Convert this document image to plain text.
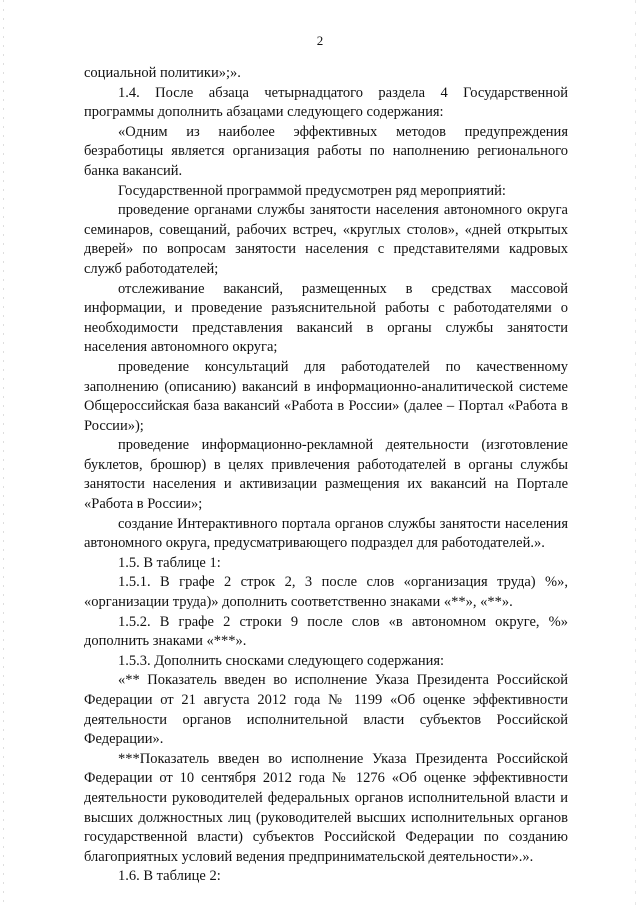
2

социальной политики»;».

1.4. После абзаца четырнадцатого раздела 4 Государственной программы дополнить абзацами следующего содержания:

«Одним из наиболее эффективных методов предупреждения безработицы является организация работы по наполнению регионального банка вакансий.

Государственной программой предусмотрен ряд мероприятий:

проведение органами службы занятости населения автономного округа семинаров, совещаний, рабочих встреч, «круглых столов», «дней открытых дверей» по вопросам занятости населения с представителями кадровых служб работодателей;

отслеживание вакансий, размещенных в средствах массовой информации, и проведение разъяснительной работы с работодателями о необходимости представления вакансий в органы службы занятости населения автономного округа;

проведение консультаций для работодателей по качественному заполнению (описанию) вакансий в информационно-аналитической системе Общероссийская база вакансий «Работа в России» (далее – Портал «Работа в России»);

проведение информационно-рекламной деятельности (изготовление буклетов, брошюр) в целях привлечения работодателей в органы службы занятости населения и активизации размещения их вакансий на Портале «Работа в России»;

создание Интерактивного портала органов службы занятости населения автономного округа, предусматривающего подраздел для работодателей.».

1.5. В таблице 1:

1.5.1. В графе 2 строк 2, 3 после слов «организация труда) %», «организации труда)» дополнить соответственно знаками «**», «**».

1.5.2. В графе 2 строки 9 после слов «в автономном округе, %» дополнить знаками «***».

1.5.3. Дополнить сносками следующего содержания:

«** Показатель введен во исполнение Указа Президента Российской Федерации от 21 августа 2012 года № 1199 «Об оценке эффективности деятельности органов исполнительной власти субъектов Российской Федерации».

***Показатель введен во исполнение Указа Президента Российской Федерации от 10 сентября 2012 года № 1276 «Об оценке эффективности деятельности руководителей федеральных органов исполнительной власти и высших должностных лиц (руководителей высших исполнительных органов государственной власти) субъектов Российской Федерации по созданию благоприятных условий ведения предпринимательской деятельности».».

1.6. В таблице 2:
